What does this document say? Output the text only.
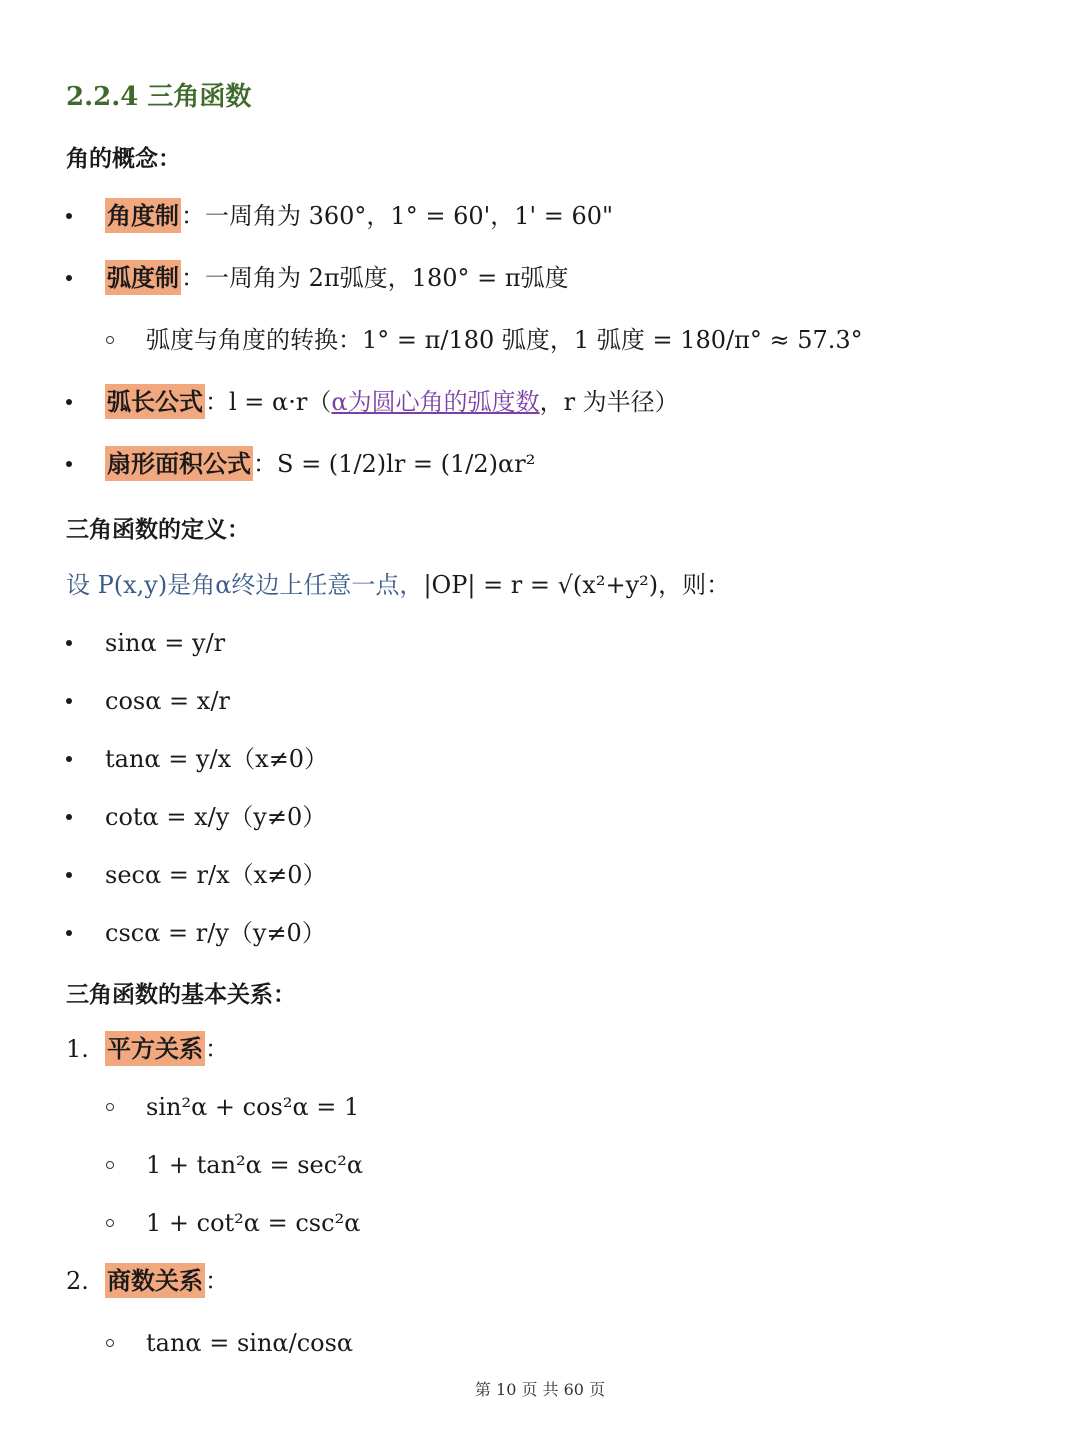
2.2.4 三角函数
角的概念：
角度制：一周角为 360°，1° = 60'，1' = 60"
弧度制：一周角为 2π弧度，180° = π弧度
弧度与角度的转换：1° = π/180 弧度，1 弧度 = 180/π° ≈ 57.3°
弧长公式：l = α·r（α为圆心角的弧度数，r 为半径）
扇形面积公式：S = (1/2)lr = (1/2)αr²
三角函数的定义：
设 P(x,y)是角α终边上任意一点，|OP| = r = √(x²+y²)，则：
sinα = y/r
cosα = x/r
tanα = y/x（x≠0）
cotα = x/y（y≠0）
secα = r/x（x≠0）
cscα = r/y（y≠0）
三角函数的基本关系：
1. 平方关系：
sin²α + cos²α = 1
1 + tan²α = sec²α
1 + cot²α = csc²α
2. 商数关系：
tanα = sinα/cosα
第 10 页 共 60 页
